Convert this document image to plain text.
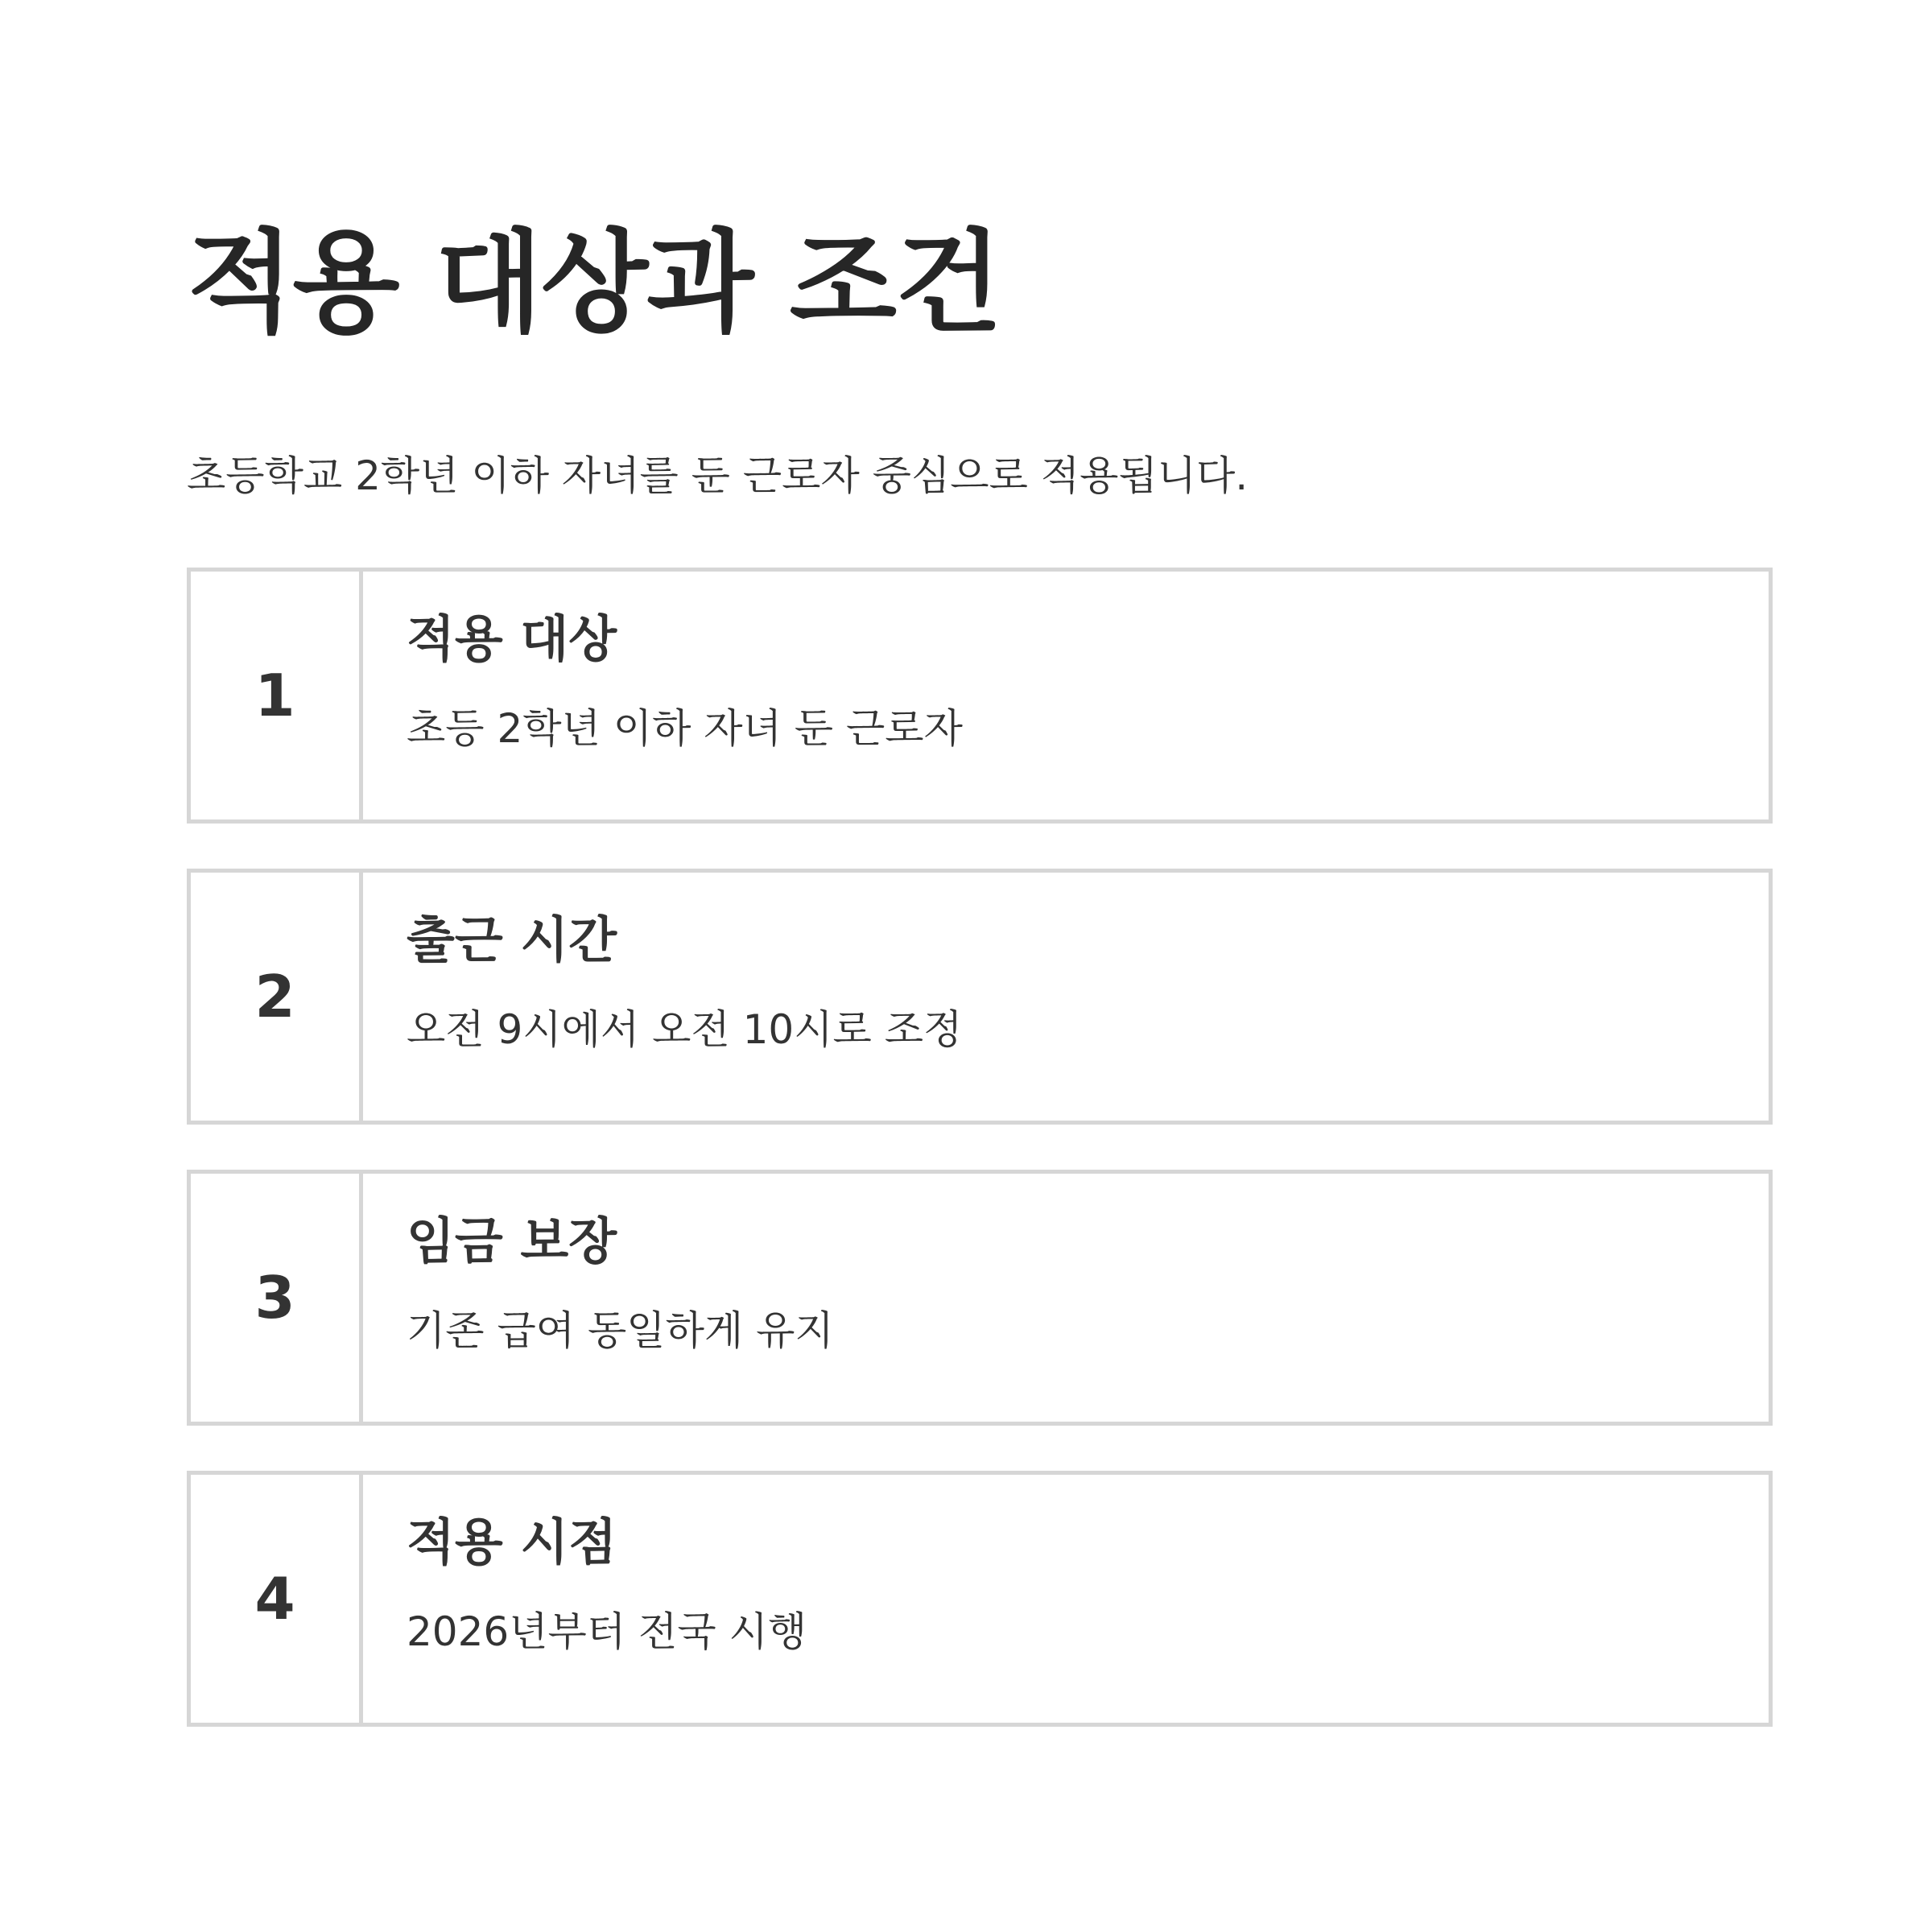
적용 대상과 조건

초등학교 2학년 이하 자녀를 둔 근로자 중심으로 적용됩니다.

1
적용 대상

초등 2학년 이하 자녀 둔 근로자

2
출근 시간

오전 9시에서 오전 10시로 조정

3
임금 보장

기존 급여 동일하게 유지

4
적용 시점

2026년부터 전국 시행
